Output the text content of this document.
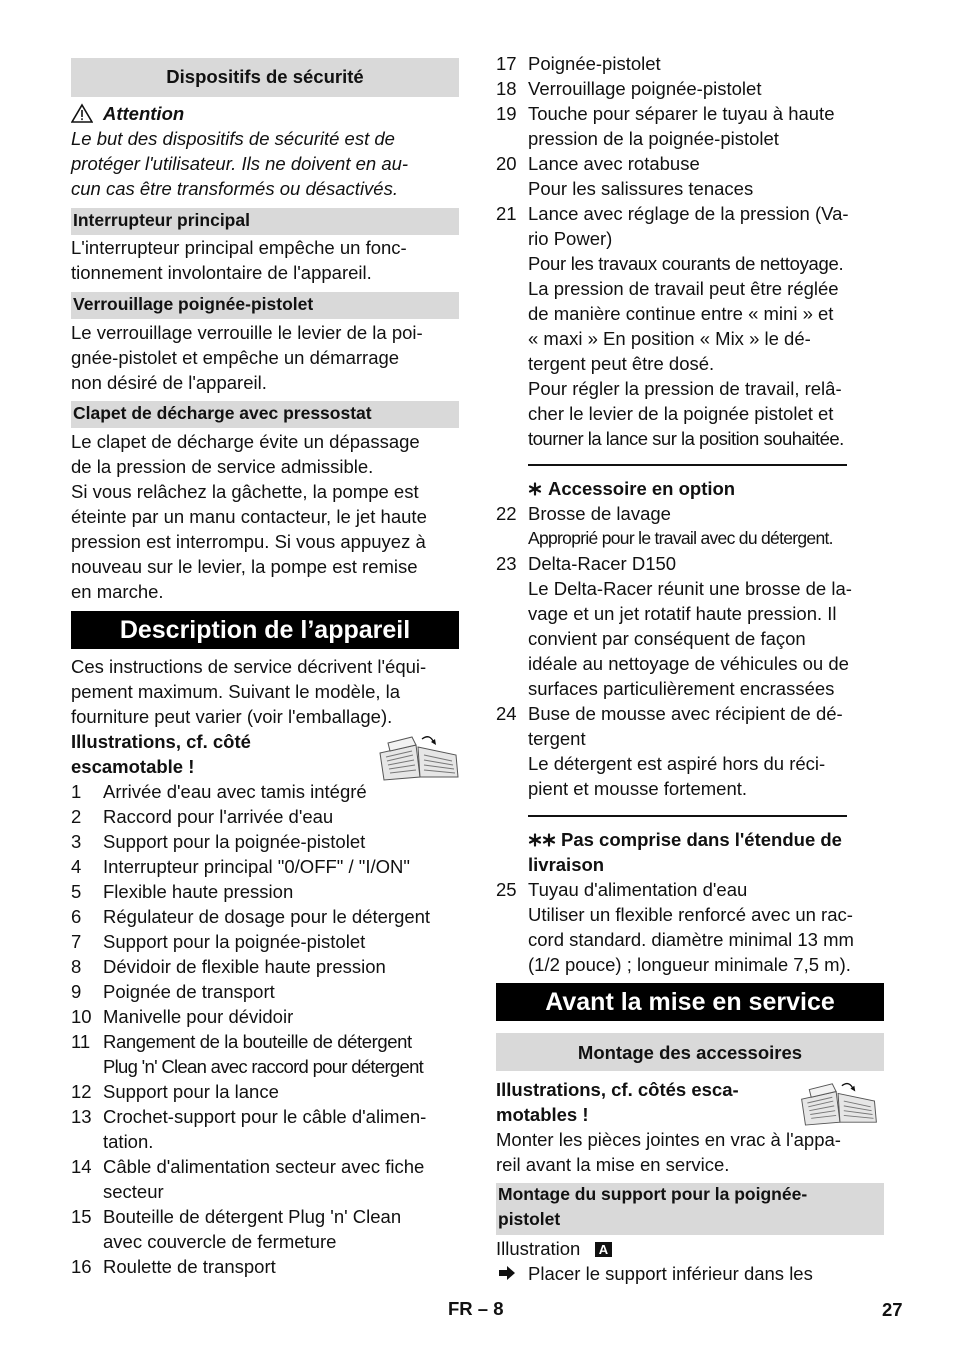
Dispositifs de sécurité
Attention
Le but des dispositifs de sécurité est de
protéger l'utilisateur. Ils ne doivent en au-
cun cas être transformés ou désactivés.
Interrupteur principal
L'interrupteur principal empêche un fonc-
tionnement involontaire de l'appareil.
Verrouillage poignée-pistolet
Le verrouillage verrouille le levier de la poi-
gnée-pistolet et empêche un démarrage
non désiré de l'appareil.
Clapet de décharge avec pressostat
Le clapet de décharge évite un dépassage
de la pression de service admissible.
Si vous relâchez la gâchette, la pompe est
éteinte par un manu contacteur, le jet haute
pression est interrompu. Si vous appuyez à
nouveau sur le levier, la pompe est remise
en marche.
Description de l’appareil
Ces instructions de service décrivent l'équi-
pement maximum. Suivant le modèle, la
fourniture peut varier (voir l'emballage).
Illustrations, cf. côté
escamotable !
1 Arrivée d'eau avec tamis intégré
2 Raccord pour l'arrivée d'eau
3 Support pour la poignée-pistolet
4 Interrupteur principal "0/OFF" / "I/ON"
5 Flexible haute pression
6 Régulateur de dosage pour le détergent
7 Support pour la poignée-pistolet
8 Dévidoir de flexible haute pression
9 Poignée de transport
10 Manivelle pour dévidoir
11 Rangement de la bouteille de détergent
Plug 'n' Clean avec raccord pour détergent
12 Support pour la lance
13 Crochet-support pour le câble d'alimen-
tation.
14 Câble d'alimentation secteur avec fiche
secteur
15 Bouteille de détergent Plug 'n' Clean
avec couvercle de fermeture
16 Roulette de transport
17 Poignée-pistolet
18 Verrouillage poignée-pistolet
19 Touche pour séparer le tuyau à haute
pression de la poignée-pistolet
20 Lance avec rotabuse
Pour les salissures tenaces
21 Lance avec réglage de la pression (Va-
rio Power)
Pour les travaux courants de nettoyage.
La pression de travail peut être réglée
de manière continue entre « mini » et
« maxi » En position « Mix » le dé-
tergent peut être dosé.
Pour régler la pression de travail, relâ-
cher le levier de la poignée pistolet et
tourner la lance sur la position souhaitée.
Accessoire en option
22 Brosse de lavage
Approprié pour le travail avec du détergent.
23 Delta-Racer D150
Le Delta-Racer réunit une brosse de la-
vage et un jet rotatif haute pression. Il
convient par conséquent de façon
idéale au nettoyage de véhicules ou de
surfaces particulièrement encrassées
24 Buse de mousse avec récipient de dé-
tergent
Le détergent est aspiré hors du réci-
pient et mousse fortement.
Pas comprise dans l'étendue de
livraison
25 Tuyau d'alimentation d'eau
Utiliser un flexible renforcé avec un rac-
cord standard. diamètre minimal 13 mm
(1/2 pouce) ; longueur minimale 7,5 m).
Avant la mise en service
Montage des accessoires
Illustrations, cf. côtés esca-
motables !
Monter les pièces jointes en vrac à l'appa-
reil avant la mise en service.
Montage du support pour la poignée-
pistolet
Illustration A
Placer le support inférieur dans les
FR – 8	27
